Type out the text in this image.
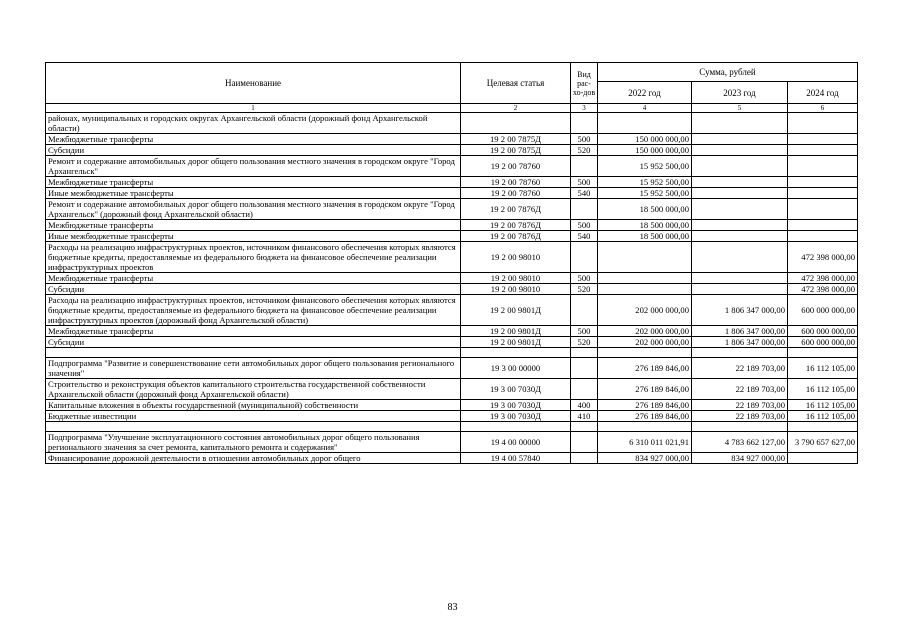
Наименование	Целевая статья	Вид рас-хо-дов	Сумма, рублей		
			2022 год	2023 год	2024 год
1	2	3	4	5	6
районах, муниципальных и городских округах Архангельской области (дорожный фонд Архангельской области)					
Межбюджетные трансферты	19 2 00 7875Д	500	150 000 000,00		
Субсидии	19 2 00 7875Д	520	150 000 000,00		
Ремонт и содержание автомобильных дорог общего пользования местного значения в городском округе "Город Архангельск"	19 2 00 78760		15 952 500,00		
Межбюджетные трансферты	19 2 00 78760	500	15 952 500,00		
Иные межбюджетные трансферты	19 2 00 78760	540	15 952 500,00		
Ремонт и содержание автомобильных дорог общего пользования местного значения в городском округе "Город Архангельск" (дорожный фонд Архангельской области)	19 2 00 7876Д		18 500 000,00		
Межбюджетные трансферты	19 2 00 7876Д	500	18 500 000,00		
Иные межбюджетные трансферты	19 2 00 7876Д	540	18 500 000,00		
Расходы на реализацию инфраструктурных проектов, источником финансового обеспечения которых являются бюджетные кредиты, предоставляемые из федерального бюджета на финансовое обеспечение реализации инфраструктурных проектов	19 2 00 98010				472 398 000,00
Межбюджетные трансферты	19 2 00 98010	500			472 398 000,00
Субсидии	19 2 00 98010	520			472 398 000,00
Расходы на реализацию инфраструктурных проектов, источником финансового обеспечения которых являются бюджетные кредиты, предоставляемые из федерального бюджета на финансовое обеспечение реализации инфраструктурных проектов (дорожный фонд Архангельской области)	19 2 00 9801Д		202 000 000,00	1 806 347 000,00	600 000 000,00
Межбюджетные трансферты	19 2 00 9801Д	500	202 000 000,00	1 806 347 000,00	600 000 000,00
Субсидии	19 2 00 9801Д	520	202 000 000,00	1 806 347 000,00	600 000 000,00

Подпрограмма "Развитие и совершенствование сети автомобильных дорог общего пользования регионального значения"	19 3 00 00000		276 189 846,00	22 189 703,00	16 112 105,00
Строительство и реконструкция объектов капитального строительства государственной собственности Архангельской области (дорожный фонд Архангельской области)	19 3 00 7030Д		276 189 846,00	22 189 703,00	16 112 105,00
Капитальные вложения в объекты государственной (муниципальной) собственности	19 3 00 7030Д	400	276 189 846,00	22 189 703,00	16 112 105,00
Бюджетные инвестиции	19 3 00 7030Д	410	276 189 846,00	22 189 703,00	16 112 105,00

Подпрограмма "Улучшение эксплуатационного состояния автомобильных дорог общего пользования регионального значения за счет ремонта, капитального ремонта и содержания"	19 4 00 00000		6 310 011 021,91	4 783 662 127,00	3 790 657 627,00
Финансирование дорожной деятельности в отношении автомобильных дорог общего	19 4 00 57840		834 927 000,00	834 927 000,00	
83
